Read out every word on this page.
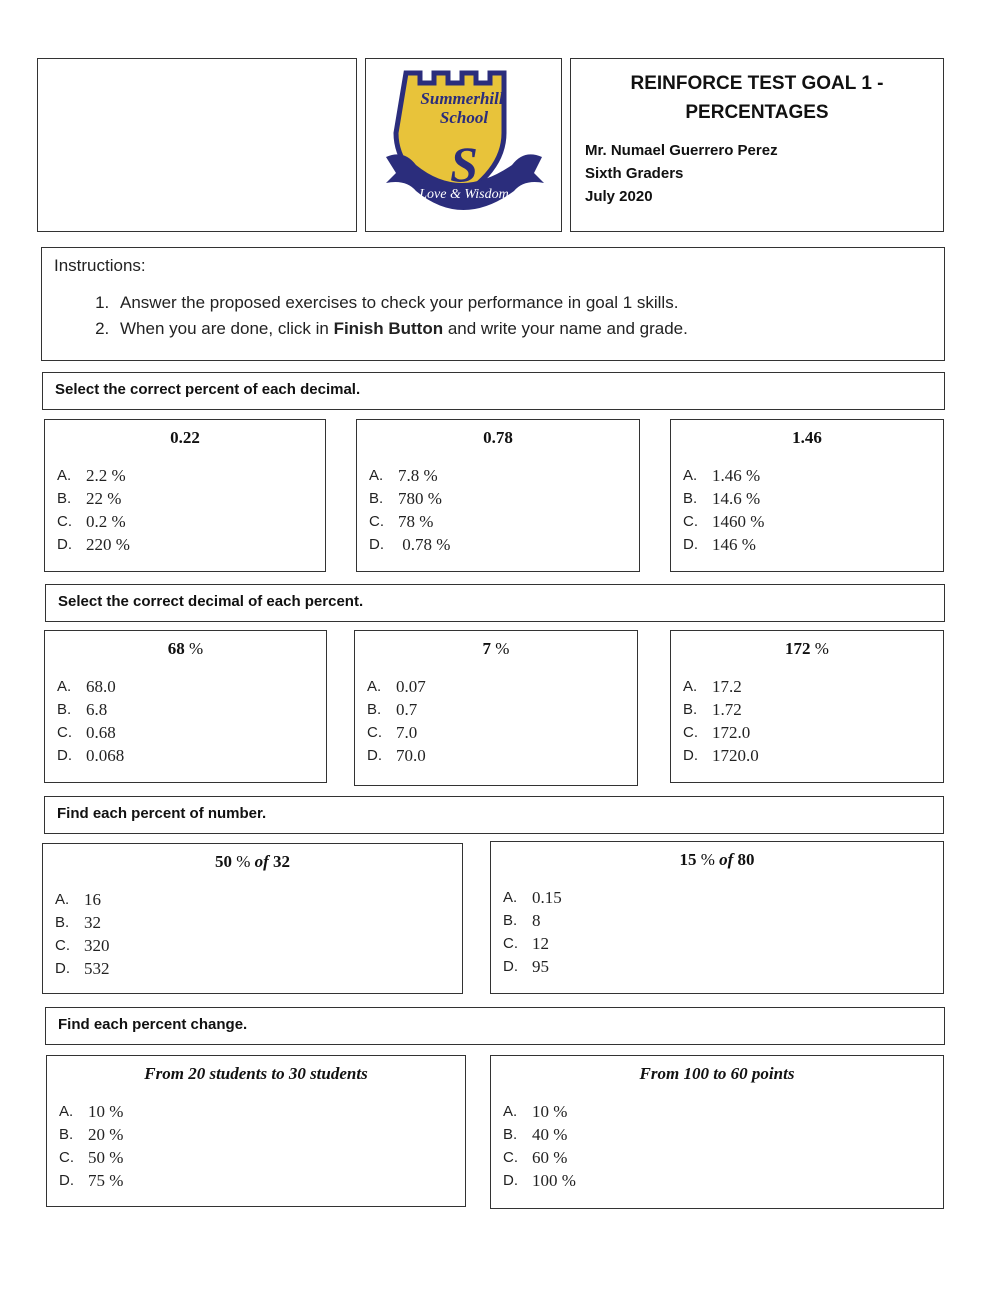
Summerhill
School
S
Love & Wisdom
REINFORCE TEST GOAL 1 - PERCENTAGES
Mr. Numael Guerrero Perez
Sixth Graders
July 2020
Instructions:
1. Answer the proposed exercises to check your performance in goal 1 skills.
2. When you are done, click in Finish Button and write your name and grade.
Select the correct percent of each decimal.
0.22
A. 2.2 %
B. 22 %
C. 0.2 %
D. 220 %
0.78
A. 7.8 %
B. 780 %
C. 78 %
D. 0.78 %
1.46
A. 1.46 %
B. 14.6 %
C. 1460 %
D. 146 %
Select the correct decimal of each percent.
68 %
A. 68.0
B. 6.8
C. 0.68
D. 0.068
7 %
A. 0.07
B. 0.7
C. 7.0
D. 70.0
172 %
A. 17.2
B. 1.72
C. 172.0
D. 1720.0
Find each percent of number.
50 % of 32
A. 16
B. 32
C. 320
D. 532
15 % of 80
A. 0.15
B. 8
C. 12
D. 95
Find each percent change.
From 20 students to 30 students
A. 10 %
B. 20 %
C. 50 %
D. 75 %
From 100 to 60 points
A. 10 %
B. 40 %
C. 60 %
D. 100 %
